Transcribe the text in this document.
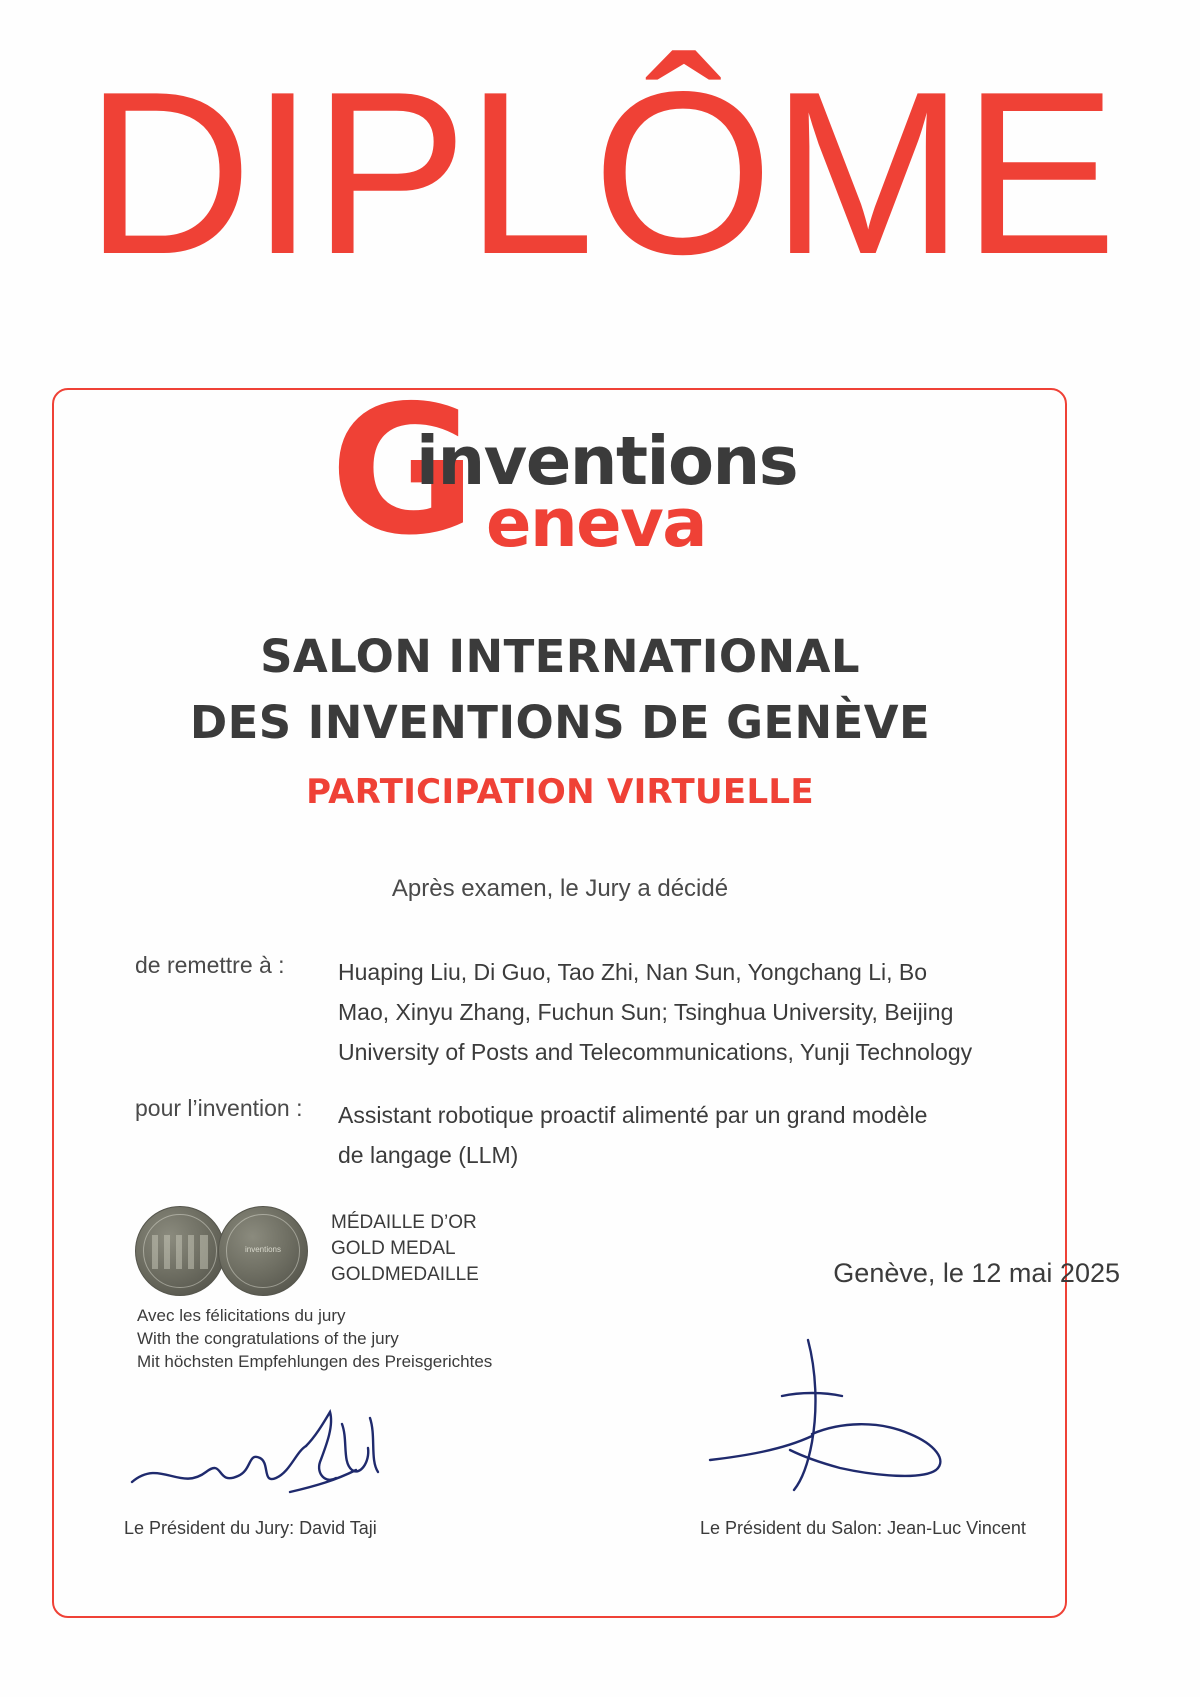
DIPLÔME
G
inventions
eneva
SALON INTERNATIONAL
DES INVENTIONS DE GENÈVE
PARTICIPATION VIRTUELLE
Après examen, le Jury a décidé
de remettre à : Huaping Liu, Di Guo, Tao Zhi, Nan Sun, Yongchang Li, Bo Mao, Xinyu Zhang, Fuchun Sun; Tsinghua University, Beijing University of Posts and Telecommunications, Yunji Technology
pour l’invention : Assistant robotique proactif alimenté par un grand modèle de langage (LLM)
inventions
MÉDAILLE D’OR
GOLD MEDAL
GOLDMEDAILLE
Avec les félicitations du jury
With the congratulations of the jury
Mit höchsten Empfehlungen des Preisgerichtes
Genève, le 12 mai 2025
Le Président du Jury: David Taji	Le Président du Salon: Jean-Luc Vincent
